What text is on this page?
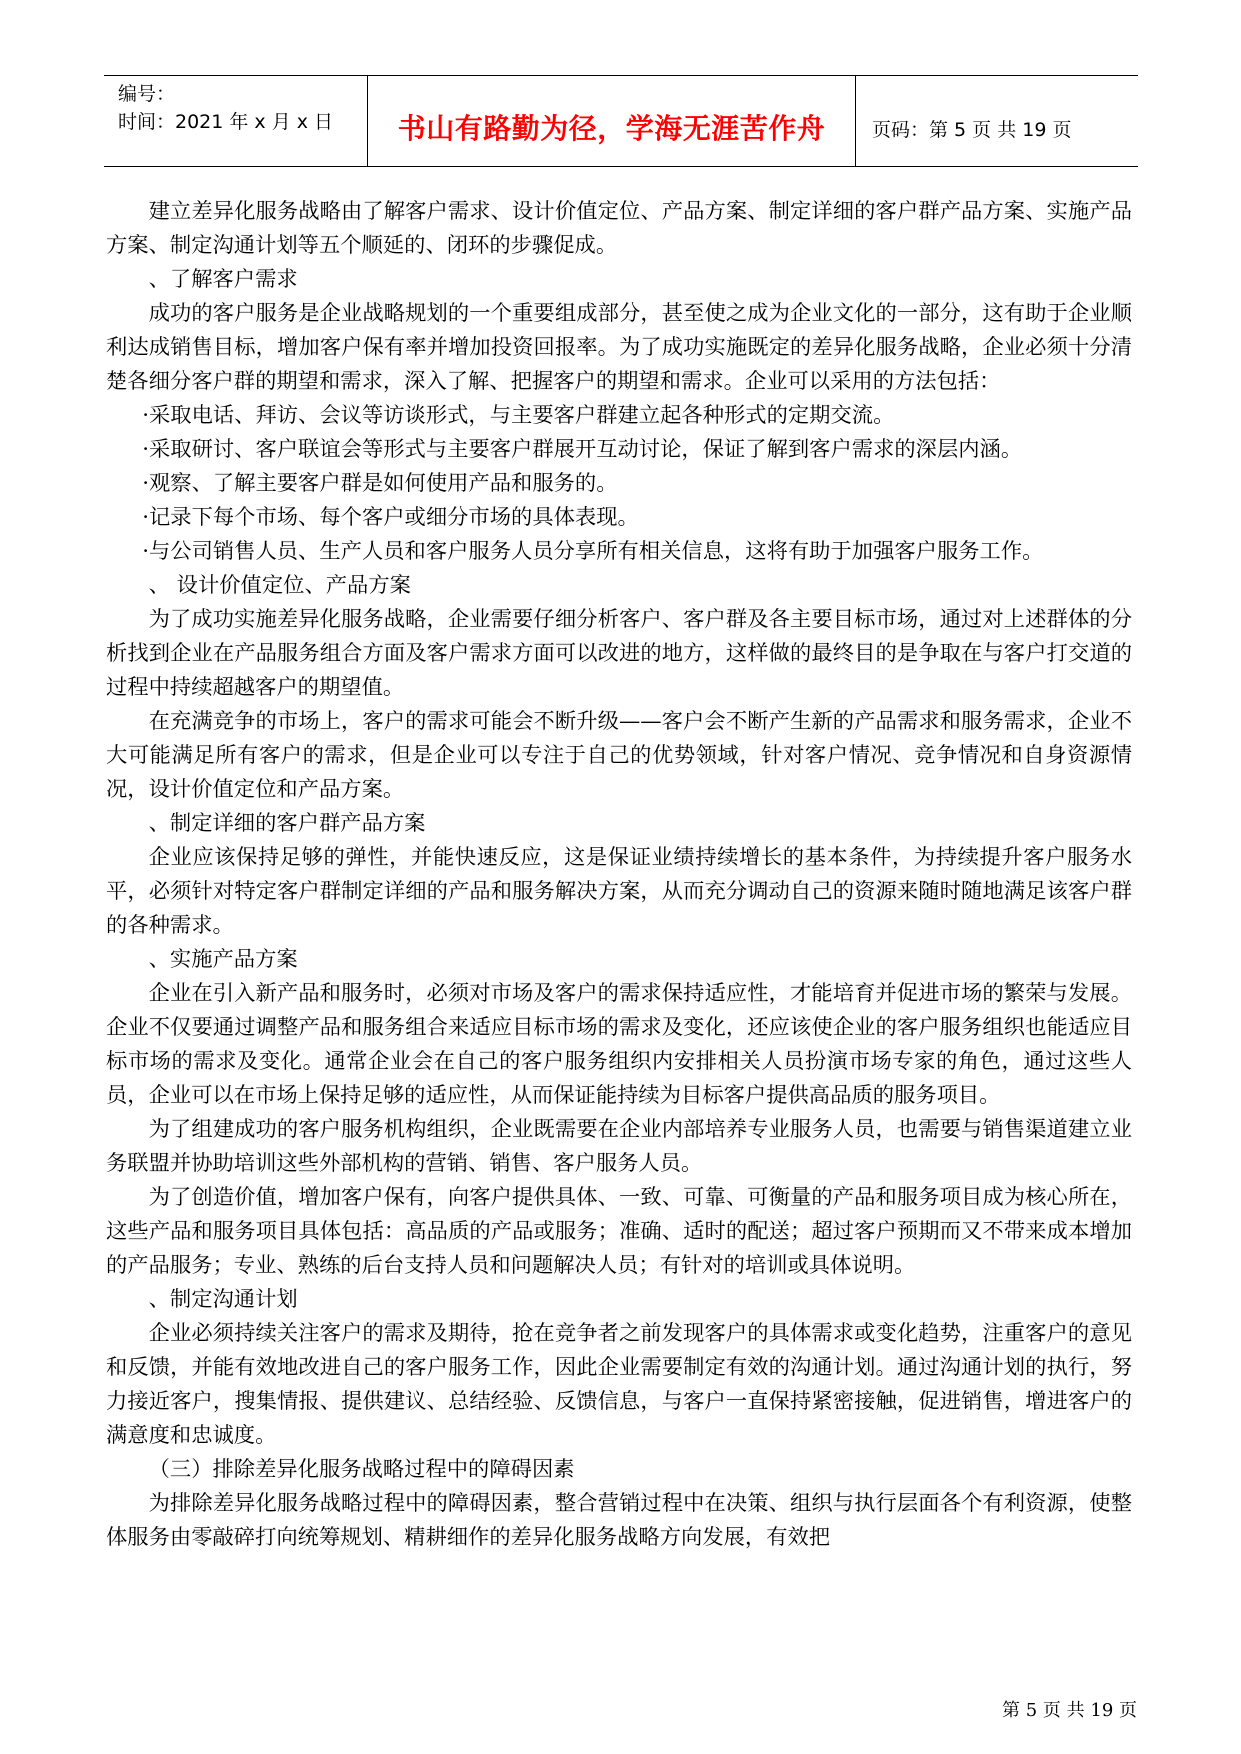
编号：
时间：2021 年 x 月 x 日	书山有路勤为径，学海无涯苦作舟 页码：第 5 页 共 19 页

建立差异化服务战略由了解客户需求、设计价值定位、产品方案、制定详细的客户群产品方案、实施产品方案、制定沟通计划等五个顺延的、闭环的步骤促成。

、了解客户需求

成功的客户服务是企业战略规划的一个重要组成部分，甚至使之成为企业文化的一部分，这有助于企业顺利达成销售目标，增加客户保有率并增加投资回报率。为了成功实施既定的差异化服务战略，企业必须十分清楚各细分客户群的期望和需求，深入了解、把握客户的期望和需求。企业可以采用的方法包括：

·采取电话、拜访、会议等访谈形式，与主要客户群建立起各种形式的定期交流。

·采取研讨、客户联谊会等形式与主要客户群展开互动讨论，保证了解到客户需求的深层内涵。

·观察、了解主要客户群是如何使用产品和服务的。

·记录下每个市场、每个客户或细分市场的具体表现。

·与公司销售人员、生产人员和客户服务人员分享所有相关信息，这将有助于加强客户服务工作。

、 设计价值定位、产品方案

为了成功实施差异化服务战略，企业需要仔细分析客户、客户群及各主要目标市场，通过对上述群体的分析找到企业在产品服务组合方面及客户需求方面可以改进的地方，这样做的最终目的是争取在与客户打交道的过程中持续超越客户的期望值。

在充满竞争的市场上，客户的需求可能会不断升级——客户会不断产生新的产品需求和服务需求，企业不大可能满足所有客户的需求，但是企业可以专注于自己的优势领域，针对客户情况、竞争情况和自身资源情况，设计价值定位和产品方案。

、制定详细的客户群产品方案

企业应该保持足够的弹性，并能快速反应，这是保证业绩持续增长的基本条件，为持续提升客户服务水平，必须针对特定客户群制定详细的产品和服务解决方案，从而充分调动自己的资源来随时随地满足该客户群的各种需求。

、实施产品方案

企业在引入新产品和服务时，必须对市场及客户的需求保持适应性，才能培育并促进市场的繁荣与发展。企业不仅要通过调整产品和服务组合来适应目标市场的需求及变化，还应该使企业的客户服务组织也能适应目标市场的需求及变化。通常企业会在自己的客户服务组织内安排相关人员扮演市场专家的角色，通过这些人员，企业可以在市场上保持足够的适应性，从而保证能持续为目标客户提供高品质的服务项目。

为了组建成功的客户服务机构组织，企业既需要在企业内部培养专业服务人员，也需要与销售渠道建立业务联盟并协助培训这些外部机构的营销、销售、客户服务人员。

为了创造价值，增加客户保有，向客户提供具体、一致、可靠、可衡量的产品和服务项目成为核心所在，这些产品和服务项目具体包括：高品质的产品或服务；准确、适时的配送；超过客户预期而又不带来成本增加的产品服务；专业、熟练的后台支持人员和问题解决人员；有针对的培训或具体说明。

、制定沟通计划

企业必须持续关注客户的需求及期待，抢在竞争者之前发现客户的具体需求或变化趋势，注重客户的意见和反馈，并能有效地改进自己的客户服务工作，因此企业需要制定有效的沟通计划。通过沟通计划的执行，努力接近客户，搜集情报、提供建议、总结经验、反馈信息，与客户一直保持紧密接触，促进销售，增进客户的满意度和忠诚度。

（三）排除差异化服务战略过程中的障碍因素

为排除差异化服务战略过程中的障碍因素，整合营销过程中在决策、组织与执行层面各个有利资源，使整体服务由零敲碎打向统筹规划、精耕细作的差异化服务战略方向发展，有效把

第 5 页 共 19 页
